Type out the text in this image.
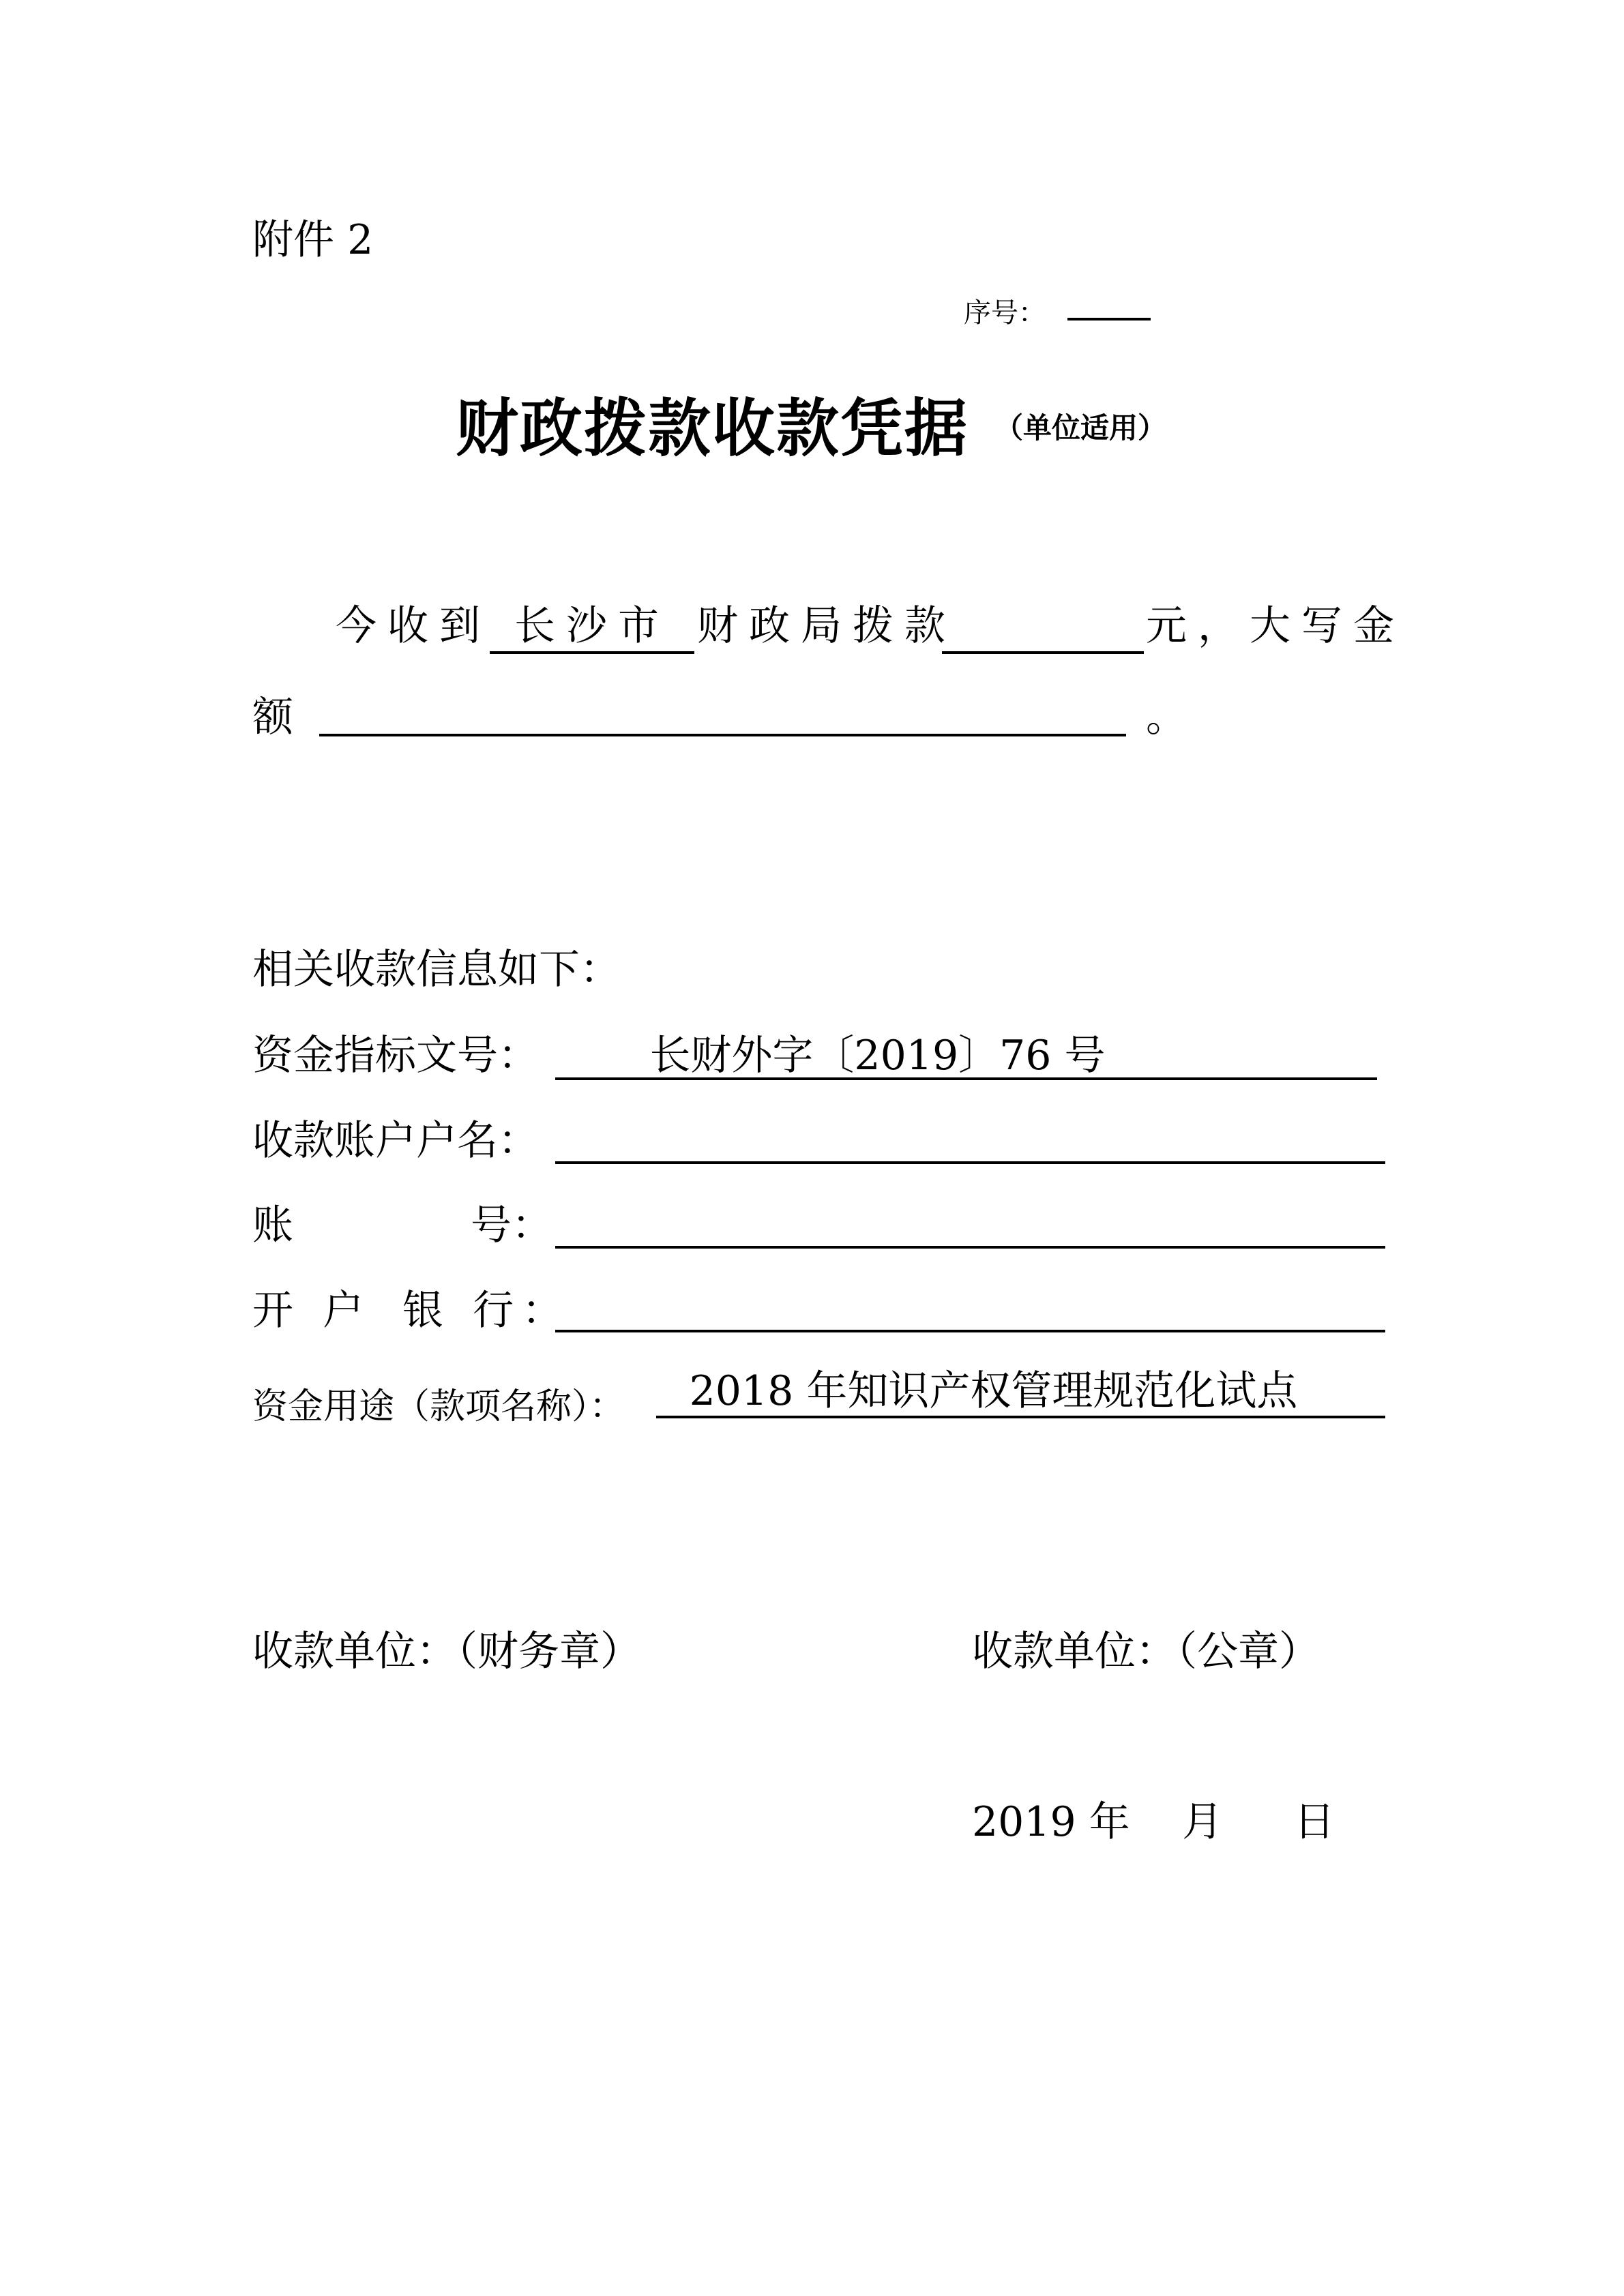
附件 2
序号：
财政拨款收款凭据 （单位适用）
今收到 长沙市 财政局拨款	元，大写金
额	。
相关收款信息如下：
资金指标文号：	长财外字〔2019〕76 号
收款账户户名：
账	号：
开 户 银 行：
资金用途（款项名称）：	2018 年知识产权管理规范化试点
收款单位：（财务章）	收款单位：（公章）
2019 年 月 日
